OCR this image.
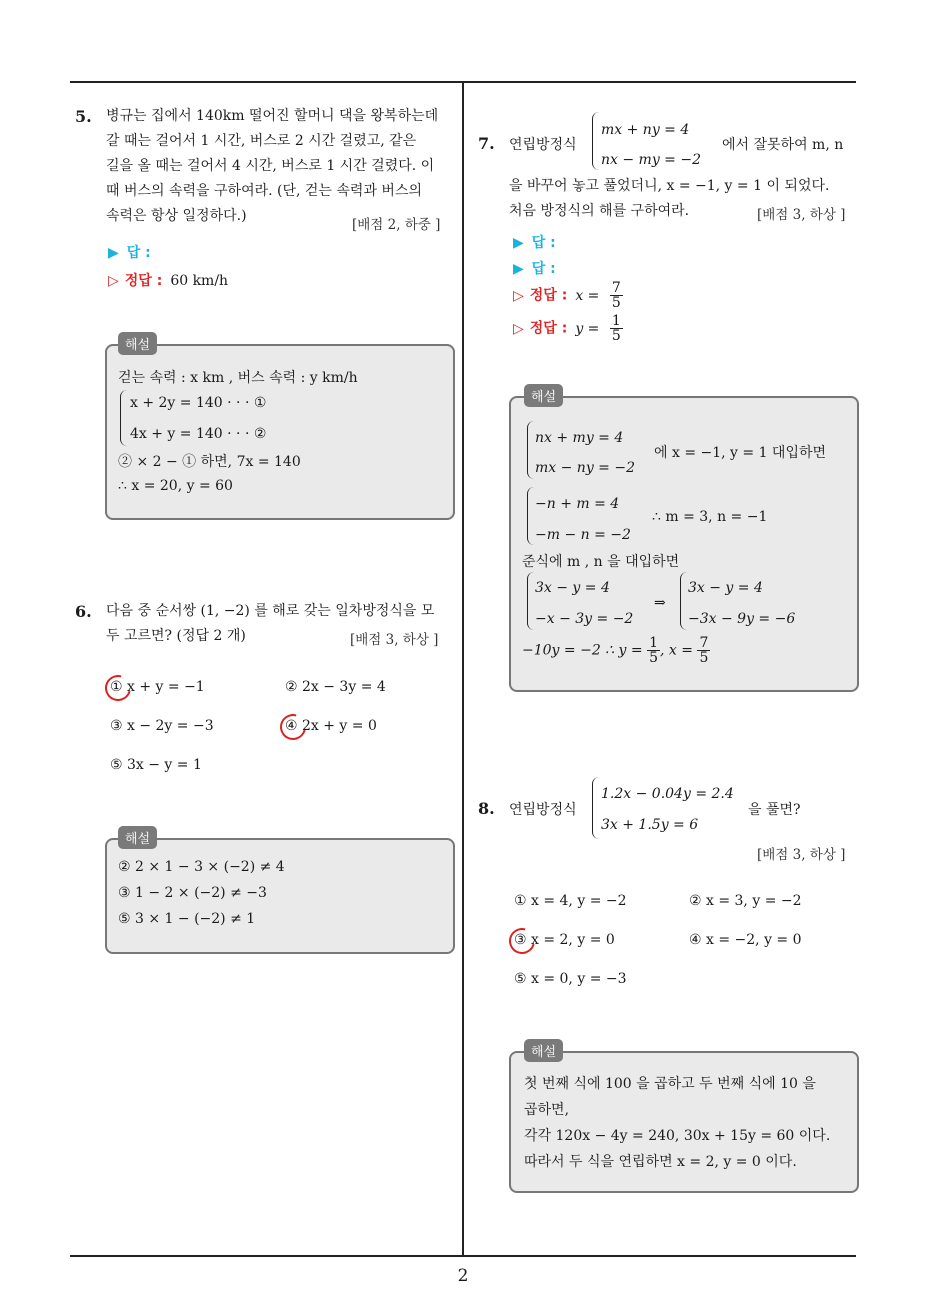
2
5. 병규는 집에서 140km 떨어진 할머니 댁을 왕복하는데
갈 때는 걸어서 1 시간, 버스로 2 시간 걸렸고, 같은
길을 올 때는 걸어서 4 시간, 버스로 1 시간 걸렸다. 이
때 버스의 속력을 구하여라. (단, 걷는 속력과 버스의
속력은 항상 일정하다.)
[배점 2, 하중 ]
▶ 답 :
▷ 정답 : 60 km/h
해설
걷는 속력 : x km , 버스 속력 : y km/h
x + 2y = 140 · · · ①
4x + y = 140 · · · ②
② × 2 − ① 하면, 7x = 140
∴ x = 20, y = 60
6. 다음 중 순서쌍 (1, −2) 를 해로 갖는 일차방정식을 모
두 고르면? (정답 2 개)	[배점 3, 하상 ]
① x + y = −1	② 2x − 3y = 4
③ x − 2y = −3	④ 2x + y = 0
⑤ 3x − y = 1
해설
② 2 × 1 − 3 × (−2) ≠ 4
③ 1 − 2 × (−2) ≠ −3
⑤ 3 × 1 − (−2) ≠ 1
7. 연립방정식
mx + ny = 4
nx − my = −2
에서 잘못하여 m, n
을 바꾸어 놓고 풀었더니, x = −1, y = 1 이 되었다.
처음 방정식의 해를 구하여라.	[배점 3, 하상 ]
▶ 답 :
▶ 답 :
▷ 정답 : $x = \frac{7}{5}$
▷ 정답 : $y = \frac{1}{5}$
해설
nx + my = 4
mx − ny = −2
에 x = −1, y = 1 대입하면
−n + m = 4
−m − n = −2
∴ m = 3, n = −1
준식에 m , n 을 대입하면
3x − y = 4
−x − 3y = −2
⇒
3x − y = 4
−3x − 9y = −6
−10y = −2 ∴ $y = \frac{1}{5}$ , $x = \frac{7}{5}$
8. 연립방정식
1.2x − 0.04y = 2.4
3x + 1.5y = 6
을 풀면?
[배점 3, 하상 ]
① x = 4, y = −2	② x = 3, y = −2
③ x = 2, y = 0	④ x = −2, y = 0
⑤ x = 0, y = −3
해설
첫 번째 식에 100 을 곱하고 두 번째 식에 10 을
곱하면,
각각 120x − 4y = 240, 30x + 15y = 60 이다.
따라서 두 식을 연립하면 x = 2, y = 0 이다.
